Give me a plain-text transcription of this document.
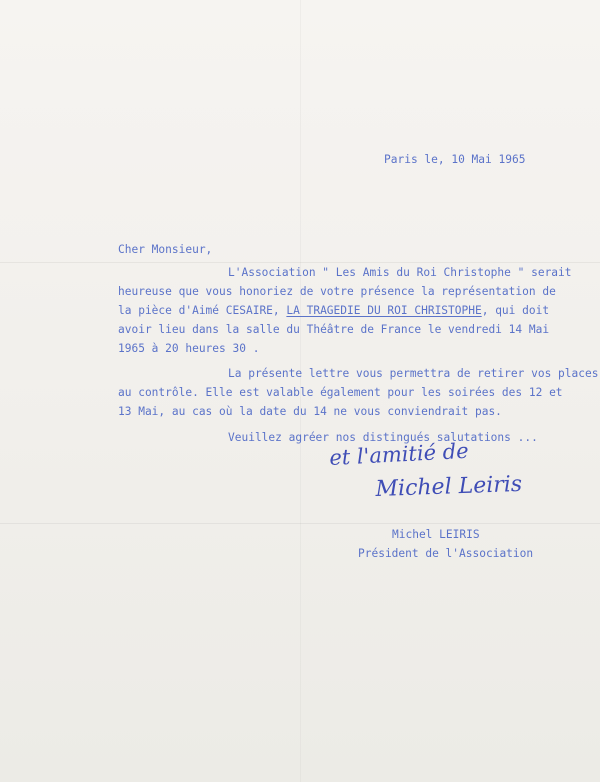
Paris le, 10 Mai 1965
Cher Monsieur,
L'Association " Les Amis du Roi Christophe " serait
heureuse que vous honoriez de votre présence la représentation de
la pièce d'Aimé CESAIRE, LA TRAGEDIE DU ROI CHRISTOPHE, qui doit
avoir lieu dans la salle du Théâtre de France le vendredi 14 Mai
1965 à 20 heures 30 .
La présente lettre vous permettra de retirer vos places
au contrôle. Elle est valable également pour les soirées des 12 et
13 Mai, au cas où la date du 14 ne vous conviendrait pas.
Veuillez agréer nos distingués salutations ...
et l'amitié de
Michel Leiris
Michel LEIRIS
Président de l'Association
